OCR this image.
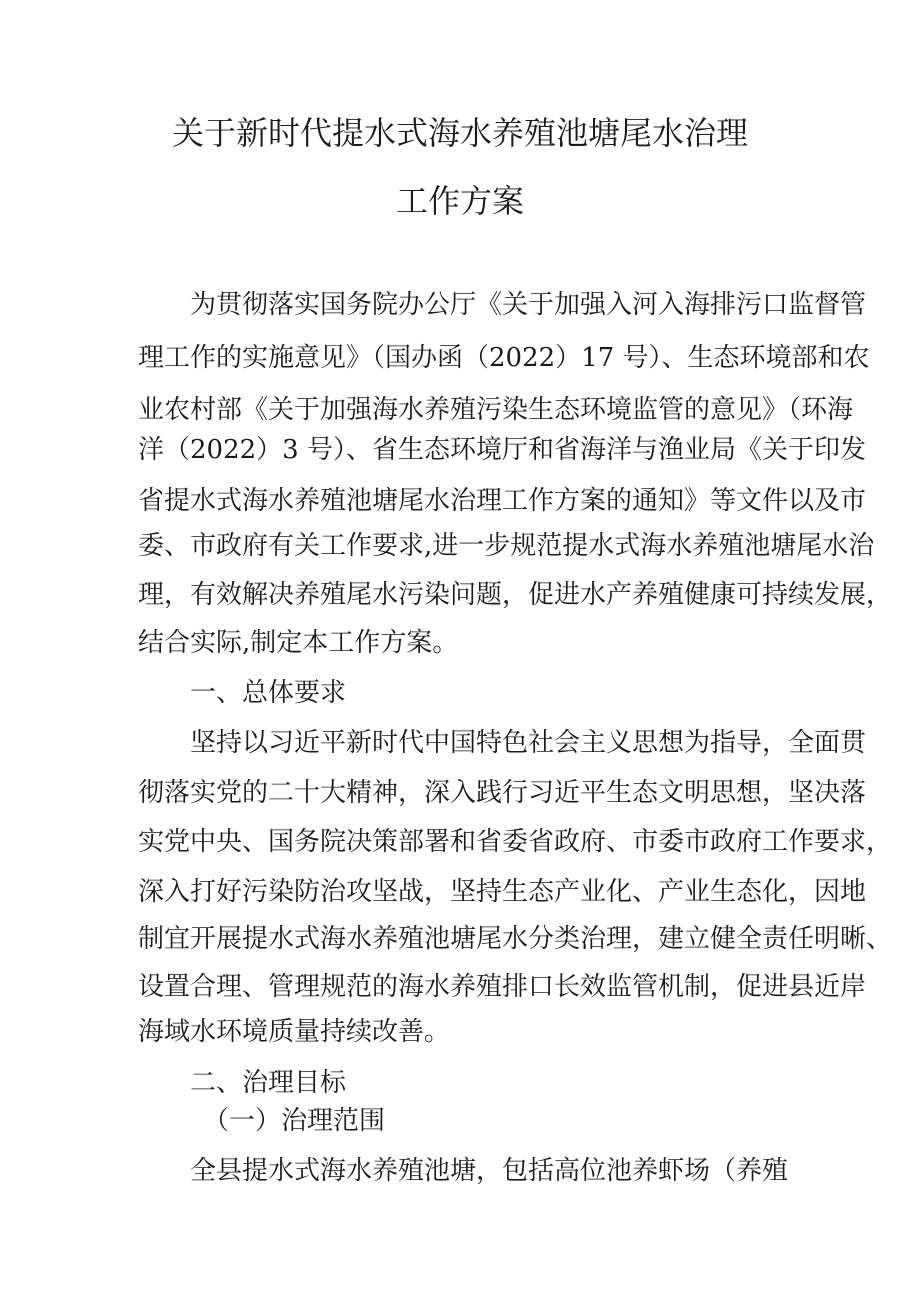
关于新时代提水式海水养殖池塘尾水治理
工作方案
为贯彻落实国务院办公厅《关于加强入河入海排污口监督管
理工作的实施意见》（国办函（2022）17 号）、生态环境部和农
业农村部《关于加强海水养殖污染生态环境监管的意见》（环海
洋（2022）3 号）、省生态环境厅和省海洋与渔业局《关于印发
省提水式海水养殖池塘尾水治理工作方案的通知》等文件以及市
委、市政府有关工作要求,进一步规范提水式海水养殖池塘尾水治
理，有效解决养殖尾水污染问题，促进水产养殖健康可持续发展，
结合实际,制定本工作方案。
一、总体要求
坚持以习近平新时代中国特色社会主义思想为指导，全面贯
彻落实党的二十大精神，深入践行习近平生态文明思想，坚决落
实党中央、国务院决策部署和省委省政府、市委市政府工作要求，
深入打好污染防治攻坚战，坚持生态产业化、产业生态化，因地
制宜开展提水式海水养殖池塘尾水分类治理，建立健全责任明晰、
设置合理、管理规范的海水养殖排口长效监管机制，促进县近岸
海域水环境质量持续改善。
二、治理目标
（一）治理范围
全县提水式海水养殖池塘，包括高位池养虾场（养殖
